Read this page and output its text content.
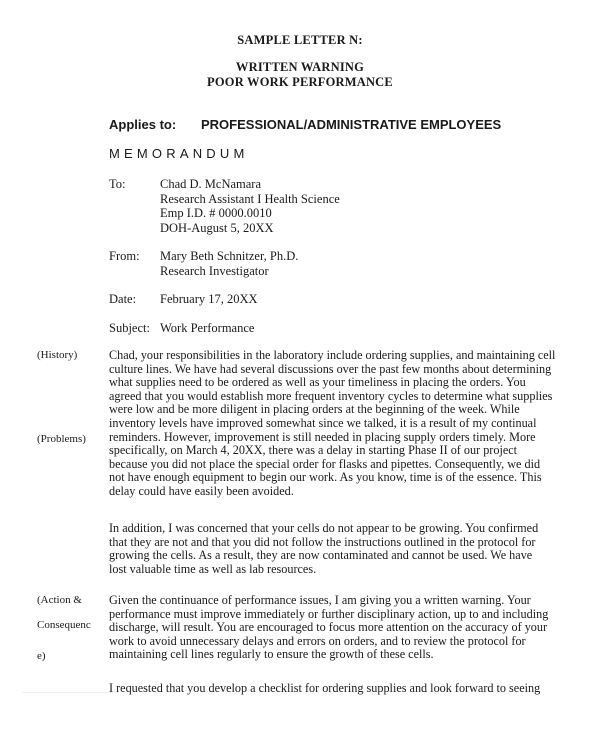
SAMPLE LETTER N:
WRITTEN WARNING
POOR WORK PERFORMANCE
Applies to: PROFESSIONAL/ADMINISTRATIVE EMPLOYEES
MEMORANDUM
To:	Chad D. McNamara
Research Assistant I Health Science
Emp I.D. # 0000.0010
DOH-August 5, 20XX
From: Mary Beth Schnitzer, Ph.D.
Research Investigator
Date: February 17, 20XX
Subject: Work Performance
(History)
(Problems)
(Action &
Consequenc
e)
Chad, your responsibilities in the laboratory include ordering supplies, and maintaining cell
culture lines. We have had several discussions over the past few months about determining
what supplies need to be ordered as well as your timeliness in placing the orders. You
agreed that you would establish more frequent inventory cycles to determine what supplies
were low and be more diligent in placing orders at the beginning of the week. While
inventory levels have improved somewhat since we talked, it is a result of my continual
reminders. However, improvement is still needed in placing supply orders timely. More
specifically, on March 4, 20XX, there was a delay in starting Phase II of our project
because you did not place the special order for flasks and pipettes. Consequently, we did
not have enough equipment to begin our work. As you know, time is of the essence. This
delay could have easily been avoided.
In addition, I was concerned that your cells do not appear to be growing. You confirmed
that they are not and that you did not follow the instructions outlined in the protocol for
growing the cells. As a result, they are now contaminated and cannot be used. We have
lost valuable time as well as lab resources.
Given the continuance of performance issues, I am giving you a written warning. Your
performance must improve immediately or further disciplinary action, up to and including
discharge, will result. You are encouraged to focus more attention on the accuracy of your
work to avoid unnecessary delays and errors on orders, and to review the protocol for
maintaining cell lines regularly to ensure the growth of these cells.
I requested that you develop a checklist for ordering supplies and look forward to seeing
